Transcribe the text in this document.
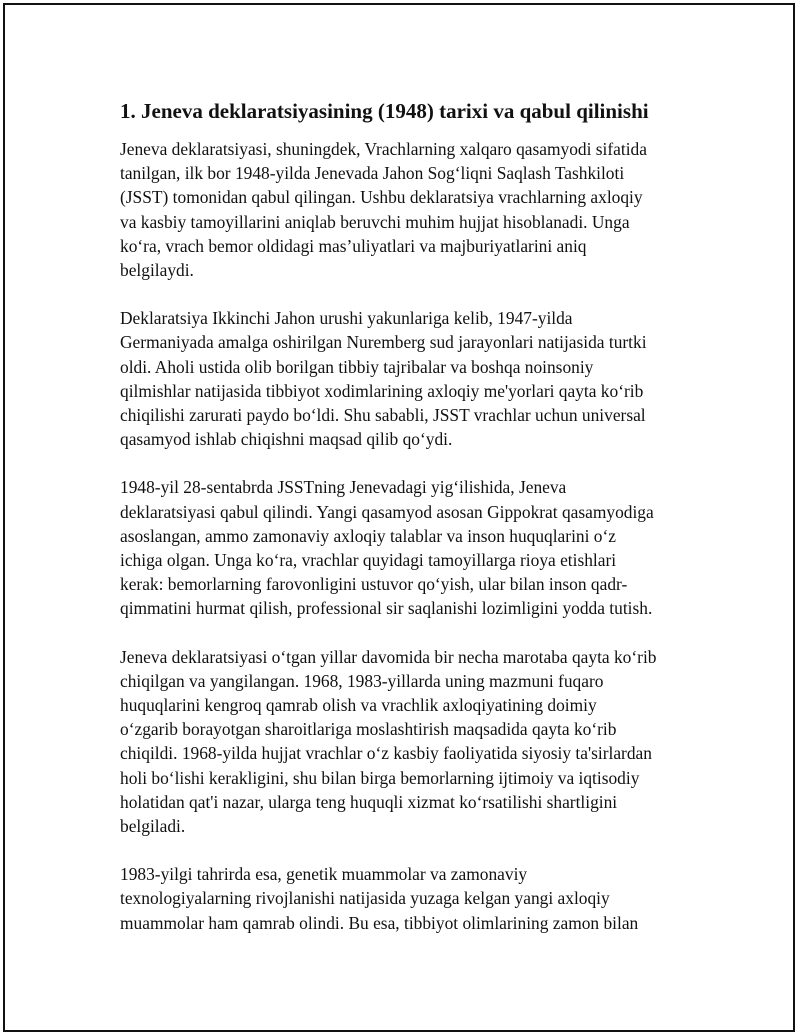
1. Jeneva deklaratsiyasining (1948) tarixi va qabul qilinishi

Jeneva deklaratsiyasi, shuningdek, Vrachlarning xalqaro qasamyodi sifatida
tanilgan, ilk bor 1948-yilda Jenevada Jahon Sog‘liqni Saqlash Tashkiloti
(JSST) tomonidan qabul qilingan. Ushbu deklaratsiya vrachlarning axloqiy
va kasbiy tamoyillarini aniqlab beruvchi muhim hujjat hisoblanadi. Unga
ko‘ra, vrach bemor oldidagi mas’uliyatlari va majburiyatlarini aniq
belgilaydi.

Deklaratsiya Ikkinchi Jahon urushi yakunlariga kelib, 1947-yilda
Germaniyada amalga oshirilgan Nuremberg sud jarayonlari natijasida turtki
oldi. Aholi ustida olib borilgan tibbiy tajribalar va boshqa noinsoniy
qilmishlar natijasida tibbiyot xodimlarining axloqiy me'yorlari qayta ko‘rib
chiqilishi zarurati paydo bo‘ldi. Shu sababli, JSST vrachlar uchun universal
qasamyod ishlab chiqishni maqsad qilib qo‘ydi.

1948-yil 28-sentabrda JSSTning Jenevadagi yig‘ilishida, Jeneva
deklaratsiyasi qabul qilindi. Yangi qasamyod asosan Gippokrat qasamyodiga
asoslangan, ammo zamonaviy axloqiy talablar va inson huquqlarini o‘z
ichiga olgan. Unga ko‘ra, vrachlar quyidagi tamoyillarga rioya etishlari
kerak: bemorlarning farovonligini ustuvor qo‘yish, ular bilan inson qadr-
qimmatini hurmat qilish, professional sir saqlanishi lozimligini yodda tutish.

Jeneva deklaratsiyasi o‘tgan yillar davomida bir necha marotaba qayta ko‘rib
chiqilgan va yangilangan. 1968, 1983-yillarda uning mazmuni fuqaro
huquqlarini kengroq qamrab olish va vrachlik axloqiyatining doimiy
o‘zgarib borayotgan sharoitlariga moslashtirish maqsadida qayta ko‘rib
chiqildi. 1968-yilda hujjat vrachlar o‘z kasbiy faoliyatida siyosiy ta'sirlardan
holi bo‘lishi kerakligini, shu bilan birga bemorlarning ijtimoiy va iqtisodiy
holatidan qat'i nazar, ularga teng huquqli xizmat ko‘rsatilishi shartligini
belgiladi.

1983-yilgi tahrirda esa, genetik muammolar va zamonaviy
texnologiyalarning rivojlanishi natijasida yuzaga kelgan yangi axloqiy
muammolar ham qamrab olindi. Bu esa, tibbiyot olimlarining zamon bilan
